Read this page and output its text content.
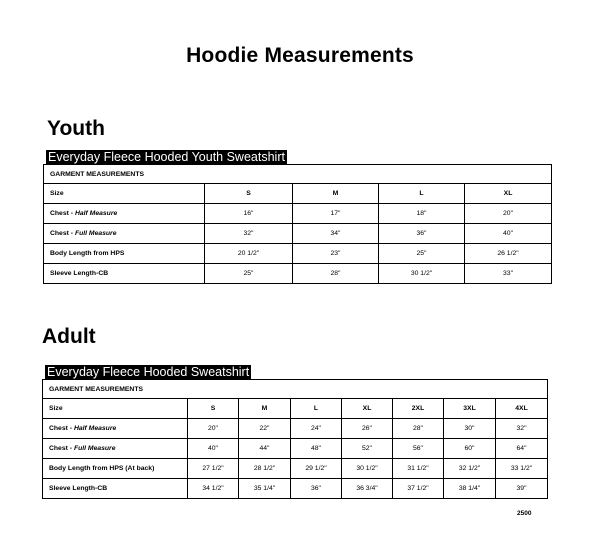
Hoodie Measurements
Youth
Everyday Fleece Hooded Youth Sweatshirt
GARMENT MEASUREMENTS				
Size	S	M	L	XL
Chest - Half Measure	16"	17"	18"	20"
Chest - Full Measure	32"	34"	36"	40"
Body Length from HPS	20 1/2"	23"	25"	26 1/2"
Sleeve Length-CB	25"	28"	30 1/2"	33"
Adult
Everyday Fleece Hooded Sweatshirt
GARMENT MEASUREMENTS							
Size	S	M	L	XL	2XL	3XL	4XL
Chest - Half Measure	20"	22"	24"	26"	28"	30"	32"
Chest - Full Measure	40"	44"	48"	52"	56"	60"	64"
Body Length from HPS (At back)	27 1/2"	28 1/2"	29 1/2"	30 1/2"	31 1/2"	32 1/2"	33 1/2"
Sleeve Length-CB	34 1/2"	35 1/4"	36"	36 3/4"	37 1/2"	38 1/4"	39"
2500
